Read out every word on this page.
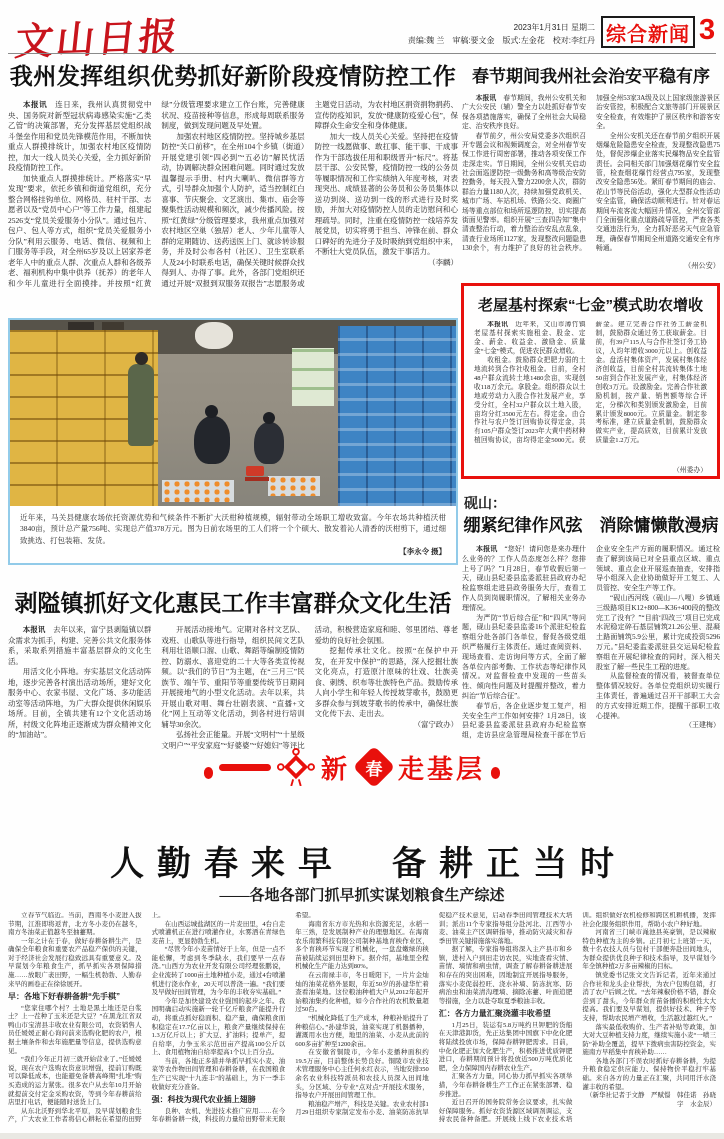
文山日报	2023年1月31日 星期二
责编:魏 兰　审稿:要文金　版式:左金花　校对:李红丹 综合新闻 3
我州发挥组织优势抓好新阶段疫情防控工作

本报讯　连日来，我州认真贯彻党中央、国务院对新型冠状病毒感染实施“乙类乙管”的决策部署，充分发挥基层党组织战斗堡垒作用和党员先锋模范作用，不断加快重点人群摸排统计，加强农村地区疫情防控，加大一线人员关心关爱，全力抓好新阶段疫情防控工作。

加快重点人群摸排统计。严格落实“早发现”要求，依托乡镇和街道党组织，充分整合网格挂钩单位、网格员、驻村干部、志愿者以及“党员中心户”等工作力量，组建起2526支“党员关爱服务小分队”。通过包片、包户、包人等方式，组织“党员关爱服务小分队”利用云服务、电话、微信、视频和上门服务等手段，对全州65岁及以上居家养老老年人中的重点人群、次重点人群和各级养老、福利机构中集中供养（抚养）的老年人和少年儿童进行全面摸排。并按照“红黄绿”分级管理要求建立工作台账，完善健康状况、疫苗接种等信息，形成每周联系服务制度，做到发现问题及早处置。

加强农村地区疫情防控。坚持城乡基层防控“关口前移”，在全州104个乡镇（街道）开展党建引领“四必到”“五必访”解民忧活动，协调解决群众困难问题。同时通过发放温馨提示手册、村内大喇叭、微信群等方式，引导群众加强个人防护，适当控制红白喜事、节庆聚会、文艺演出、集市、庙会等聚集性活动规模和频次，减少传播风险。按照“红黄绿”分级管理要求，我州重点加强对农村地区空巢（独居）老人、少年儿童等人群的定期随访、送药送医上门、就诊转诊服务，并及时公布各村（社区）、卫生室联系人及24小时联系电话，确保关键时候群众找得到人、办得了事。此外，各部门党组织还通过开展“双报到双服务双报告”志愿服务或主题党日活动，为农村地区捐资捐物捐药、宣传防疫知识，发放“健康防疫爱心包”，保障群众生命安全和身体健康。

加大一线人员关心关爱。坚持把在疫情防控一线愿做事、敢扛事、能干事、干成事作为干部选拔任用和职级晋升“标尺”。将基层干部、公安民警，疫情防控一线的公务员等履职情况和工作实绩纳入年度考核，对表现突出、成绩显著的公务员和公务员集体以送功到岗、送功到一线的形式进行及时奖励，并加大对疫情防控人员的走访慰问和心理疏导。同时，注重在疫情防控一线培养发展党员，切实将勇于担当、冲锋在前、群众口碑好的先进分子及时吸纳到党组织中来，不断壮大党员队伍，激发干事活力。

（李麟）

春节期间我州社会治安平稳有序

本报讯　春节期间，我州公安机关和广大公安民（辅）警全力以赴抓好春节安保各项措施落实，确保了全州社会大局稳定、治安秩序良好。

春节前夕，州公安局党委多次组织召开专题会议和视频调度会，对全州春节安保工作进行周密部署，推动各项安保工作走深走实。节日期间，全州公安机关启动社会面巡逻防控一级勤务和高等级治安防控勤务，每天投入警力2200余人次，群防群治力量1180人次，持续加强党政机关、城市广场、车站机场、铁路公交、商圈广场等重点部位和场所巡逻防控，切实提高街面见警率。组织开展“三查四告知”集中清查整治行动，着力整治治安乱点乱象，清查行业场所1127家，发现整改问题隐患130余个，有力维护了良好的社会秩序。加强全州53家3A级及以上国家级旅游景区治安管控，积极配合文旅等部门开展景区安全检查，有效维护了景区秩序和游客安全。

全州公安机关还在春节前夕组织开展烟爆危险隐患安全检查，发现整改隐患75处，督促涉爆企业落实民爆物品安全监管责任。会同相关部门加强烟花爆竹安全监管，检查烟花爆竹经营点795家，发现整改安全隐患56处。紧盯春节期间的庙会、花山节等民俗活动，强化大型群众性活动安全监管，确保活动顺利进行。针对春运期间车流客流大幅回升情况，全州交管部门全面强化重点道路疏导管控，严查各类交通违法行为，全力抓好恶劣天气应急管理，确保春节期间全州道路交通安全有序畅通。

（州公安）
老屋基村探索“七金”模式助农增收

本报讯　近年来，文山市薄竹镇老屋基村探索实施租金、股金、定金、薪金、收益金、激励金、质量金“七金”模式，促进农民群众增收。

收租金。鼓励群众把肥力弱的土地流转到合作社收租金。目前，全村48户群众流转土地1480余亩，实现创收118万余元。拿股金。组织群众以土地或劳动力入股合作社发展产业，享受分红，全村32户群众以土地入股，亩均分红3500元左右。得定金。由合作社与农户签订回购协议得定金，共有105户群众签订2023年大黄中药材种植回购协议，亩均得定金5000元。获薪金。建立完善合作社务工薪金机制，鼓励群众通过务工获取薪金。目前，有39户115人与合作社签订务工协议，人均年增收3000元以上。创收益金。盘活村集体资产，发展村集体经济创收益，目前全村共流转集体土地50亩到合作社发展产业，村集体经济创收3万元。设激励金。完善合作社激励机制，按产量、销售额等综合评定，分梯次和类别颁发激励金，目前累计颁发8000元。立质量金。制定参考标准，建立质量金机制，鼓励群众做实产业，提高质效，目前累计发放质量金1.2万元。

（州委办）
近年来，马关县健康农场依托资源优势和气候条件不断扩大沃柑种植规模，辐射带动全场职工增收致富。今年农场共种植沃柑3840亩，预计总产量756吨、实现总产值378万元。图为日前农场里的工人们将一个个硕大、散发着沁人清香的沃柑剪下，通过细致挑选、打包装箱、发货。
【李永令 摄】
剥隘镇抓好文化惠民工作丰富群众文化生活

本报讯　去年以来，富宁县剥隘镇以群众需求为抓手，构建、完善公共文化服务体系，采取系列措施丰富基层群众的文化生活。

用活文化小阵地。夯实基层文化活动阵地，逐步完善各村演出活动场所，建好文化服务中心、农家书屋、文化广场、多功能活动室等活动阵地，为广大群众提供休闲娱乐场所。目前，全镇共建有12个文化活动场所，村级文化阵地正逐渐成为群众精神文化的“加油站”。

开展活动接地气。定期对各村文艺队、戏班、山歌队等进行指导，组织民间文艺队利用壮语顺口溜、山歌、舞蹈等编制疫情防控、防溺水、喜迎党的二十大等各类宣传视频。以“我们的节日”为主题，在“三月三”民族节、端午节、重阳节等重要传统节日期间开展接地气的小型文化活动。去年以来，共开展山歌对唱、舞台壮剧表演、“直播+文化”网上互动等文化活动，到各村进行培训辅导30余次。

弘扬社会正能量。开展“文明村”“十星级文明户”“平安家庭”“好婆婆”“好媳妇”等评比活动，积极营造家庭和睦、邻里团结、尊老爱幼的良好社会氛围。

挖掘传承壮文化。按照“在保护中开发，在开发中保护”的思路，深入挖掘壮族文化亮点，打造原汁原味的壮戏、壮族美食、刺绣、织布等壮族特色产品。鼓励传承人向小学生和年轻人传授坡芽歌书，鼓励更多群众参与到坡芽歌书的传承中，确保壮族文化传下去、走出去。

（富宁政办）

砚山：
绷紧纪律作风弦　消除慵懒散漫病

本报讯　“您好！请问您是来办理什么业务的？工作人员态度怎么样？您排上号了吗？”1月28日，春节收假后第一天，砚山县纪委县监委派驻县政府办纪检监察组走进县政务服务大厅，查看工作人员到岗履职情况，了解相关业务办理情况。

为严防“节后综合征”和“四风”等问题，砚山县纪委县监委16个派驻纪检监察组分赴各部门各单位，督促各级党组织严格履行主体责任。通过查阅资料、现场查看、走访询问等方式，全面了解各单位内部考勤、工作状态等纪律作风情况。对监督检查中发现的一些苗头性、倾向性问题及时提醒并整改，着力纠治“节后综合征”。

春节后，各企业逐步复工复产，相关安全生产工作如何安排？1月28日，该县纪委县监委派驻县政府办纪检监察组，走访县应急管理局检查干部在节后企业安全生产方面的履职情况。通过检查了解到该局已对全县重点区域、重点领域、重点企业开展巡查抽查，安排指导小组深入企业协助做好开工复工、人员管控、安全生产等工作。

“砚山西河线（砚山—八嘎）乡镇通三级路项目K12+800—K36+400段的整改完工了没有？”“目前‘四改三’项目已完成水泥稳定碎石基层铺筑21.26公里、混凝土路面铺筑5.9公里，累计完成投资5296万元。”县纪委监委派驻县交运局纪检监察组在开展纪律检查的同时，深入相关股室了解一些民生工程的进度。

从监督检查的情况看，被督查单位整体情况较好。各单位党组织切实履行主体责任，普遍通过召开干部职工大会的方式安排近期工作，提醒干部职工收心提神。

（王建梅）

新 春 走基层
人勤春来早　备耕正当时
——各地各部门抓早抓实谋划粮食生产综述

立春节气临近。当前，西南冬小麦进入拔节期，江淮即将返青，北方冬小麦仍在越冬，南方冬油菜正值越冬至抽薹期。

一年之计在于春，做好春耕备耕生产，是确保全年粮食和重要农产品稳产保供的关键，对于经济社会发展行稳致远具有重要意义。及早谋划今年粮食生产，抓早抓实各项保障措施……放眼广袤田野，一幅生机勃勃、人勤春来早的画卷正在徐徐展开。

早：各地下好春耕备耕“先手棋”

“您家住哪个村？土地是黑土地还是白浆土？上一茬种了玉米还是大豆？”在黑龙江省双鸭山市宝清县丰收农业有限公司，农资销售人员任媛媛正耐心询问前来选购化肥的农户，根据土壤条件和去年施肥量等信息，提供选购意见。

“我们今年正月初三就开始营业了。”任媛媛说，现在农户选购农资意识增强，提前订购既可以降低成本，也能避免备耕高峰期“扎堆”购买造成的运力紧张。很多农户从去年10月开始就提前交付定金采购农资，等到今年春耕前给店里打电话，便能随时送货上门。

从东北沃野到华北平原，及早谋划粮食生产，广大农业工作者将信心耕耘在希望的田野上。

在山西运城盐湖区的一片麦田里，4台自走式喷灌机正在进行喷灌作业，水雾洒在青绿色麦苗上，更显勃勃生机。

“尽管今年小麦苗情好于上年，但是一点不能松懈，考虑到冬季缺水，我们要早一点春浇。”山西方为农业开发有限公司经理张鹏说，企业流转了1000亩土地种植小麦，通过4台喷灌机进行浇水作业，20天可以普浇一遍。“我们要及早做好田间管理，为今年的丰收夯实基础。”

今年是加快建设农业强国的起步之年。我国明确启动实施新一轮千亿斤粮食产能提升行动，将重点抓好稳面积、稳产量，确保粮食面积稳定在17.7亿亩以上，粮食产量继续保持在1.3万亿斤以上；扩大豆、扩油料；提单产，提自给率，力争玉米示范田亩产提高100公斤以上、食用植物油自给率提高1个以上百分点。

当前，各地正多措并举抓早抓实小麦、油菜等农作物田间管理和春耕备耕，在我国粮食生产已实现“十九连丰”的基础上，为下一季丰收做好充分准备。

强：科技为现代农业插上翅膀

良种、农机、先进技术推广应用……在今年春耕备耕一线，科技的力量给田野带来无限希望。

海南省东方市光热和水资源充足，水稻一年三熟，是发展制种产业的理想地区。在海南农乐南繁科技有限公司制种基地育秧作业区，多个育秧环节实现了机械化，一盘盘嫩绿的秧苗被陆续运到田里种下。据介绍，基地里全程机械化生产能力达到80%。

在云南禄丰市，冬日暖阳下，一片片金灿灿的油菜花格外显眼，年近50岁的孙建华忙着查看油菜地。这位粮油种植大户从2012年起开始粮油集约化种植，如今合作社的农机数量超过50台。

“机械化降低了生产成本，种粮补贴提升了种粮信心。”孙建华说，油菜实现了机器播种，灌溉用水也方便，地里的油菜、小麦从此前的600多亩扩种至1200余亩。

在安徽省铜陵市，今年小麦播种面积约19.5万亩，目前整体长势良好。铜陵市农业技术管理服务中心主任何永红表示，当地安排350余名农业科技特派员和农技人员深入田间地头，分区域、分专业“点对点”开展技术服务，指导农户开展田间管理工作。

粮油稳产增产，科技是关键。农业农村部1月29日组织专家制定发布小麦、油菜防冻抗旱促稳产技术意见，启动春季田间管理技术大培训；派出11个专家指导组分赴河北、江西等小麦、油菜主产区调研指导，推动防灾减灾和春季田管关键措施落实落地。

据了解，专家指导组将深入主产县市和乡镇，进村入户到田走访农民，实地查看灾情、苗情、墒情和病虫情，调查了解春耕备耕进展和存在的突出困难，因地制宜开展指导服务，落实小麦促弱控旺、浇水补墒、防冻抗寒、防病治虫和油菜清沟理墒、摘除冻薹、叶面追肥等措施，全力以赴夺取夏季粮油丰收。

汇：各方力量汇聚浇灌丰收希望

1月25日，装运有5.8万吨约旦钾肥的货船在天津港卸货，先正达集团中国旗下中化化肥将陆续投放市场，保障春耕钾肥需求。目前，中化化肥正加大化肥生产，积极推进优质钾肥进口，春耕期间预计将投放近500万吨优质化肥，全力保障国内春耕农业生产。

汇聚各方力量，同心协力抓早抓实各项举措，今年春耕备耕生产工作正在紧张部署、稳步推进。

近日召开的国务院常务会议要求，扎实做好保障服务。抓好农资货源区域调剂调运，支持农民备种备肥。开展线上线下农业技术培训。组织做好农机检修和跨区机耕机播，发挥社会化服务组织作用，帮助小农户种好地。

河南省三门峡市渑池县英豪镇，是以辣椒特色种植为主的乡镇。正月初七上班第一天，数十名农技人员与包村干部便奔赴田间地头，为群众提供优良种子和技术指导，及早谋划今年全镇种植2万多亩辣椒的目标。

镇党委书记张文文告诉记者，近年来通过合作社和龙头企业帮扶，为农户包购包销，打消了农户后顾之忧。“去年辣椒价格不错，群众尝到了甜头，今年群众育苗备播的积极性大大提高。我们要及早谋划，提供好技术、种子等支持，帮助农民增产增收，生活越过越红火。”

落实最低收购价、生产者补贴等政策，加大对大豆种植支持力度，继续实施小麦“一喷三防”补助全覆盖，提早下拨病虫害防控资金，实施南方早稻集中育秧补助……

各地各部门不误农时抓好春耕备耕，为提升粮食稳定供应能力、保持物价平稳打牢基础。来自各方的力量正在汇聚，共同用汗水浇灌丰收的希望。

（新华社记者于文静　严赋憬　韩佳诺　孙晓宇　水金辰）
